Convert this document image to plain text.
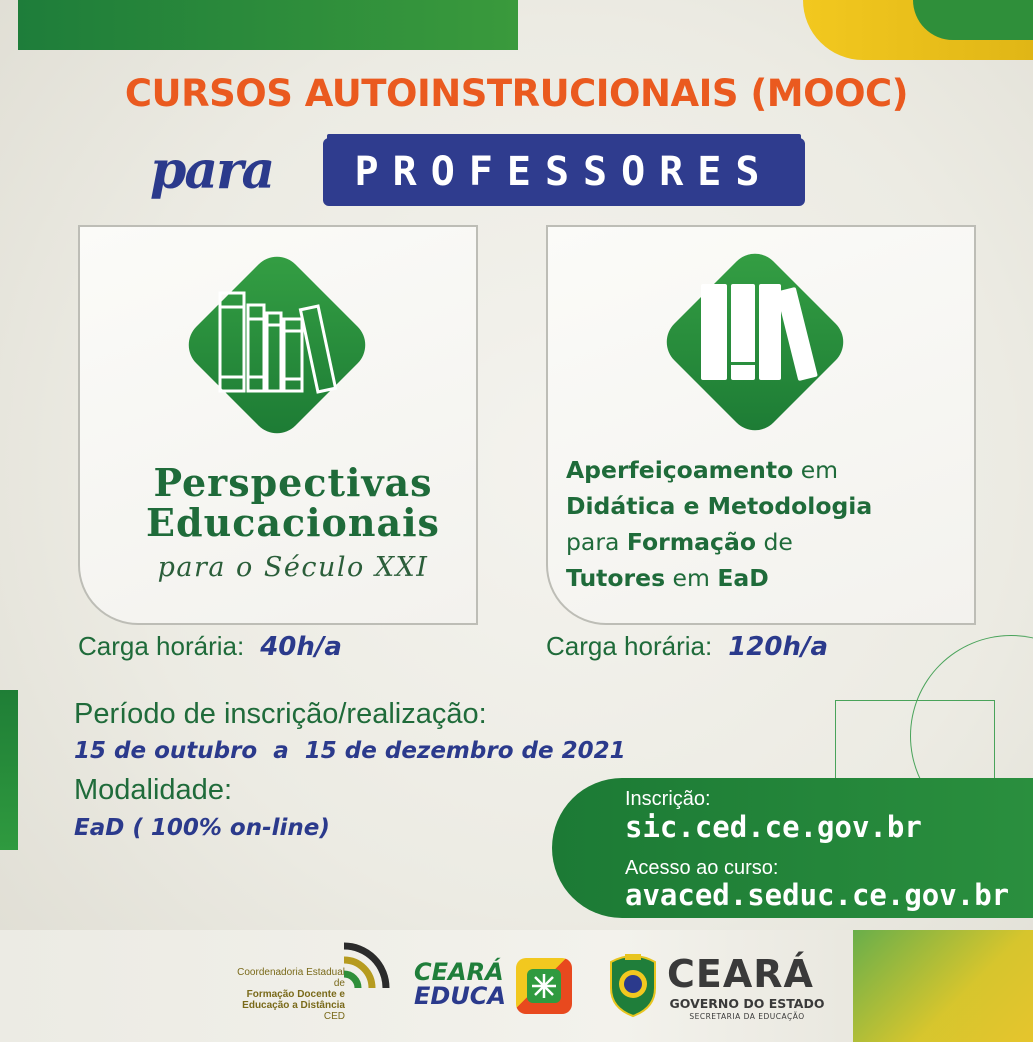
CURSOS AUTOINSTRUCIONAIS (MOOC)
para PROFESSORES
Perspectivas
Educacionais
para o Século XXI
Aperfeiçoamento em
Didática e Metodologia
para Formação de
Tutores em EaD
Carga horária: 40h/a	Carga horária: 120h/a
Período de inscrição/realização:
15 de outubro  a  15 de dezembro de 2021
Modalidade:
EaD ( 100% on-line)
Inscrição:
sic.ced.ce.gov.br
Acesso ao curso:
avaced.seduc.ce.gov.br
Coordenadoria Estadual de
Formação Docente e
Educação a Distância
CED
CEARÁ
EDUCA	CEARÁ
GOVERNO DO ESTADO
SECRETARIA DA EDUCAÇÃO
